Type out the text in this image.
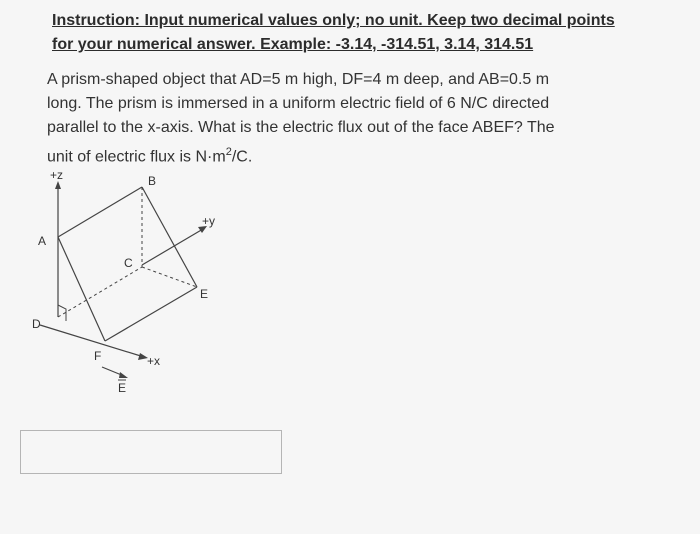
Instruction: Input numerical values only; no unit. Keep two decimal points
for your numerical answer. Example: -3.14, -314.51, 3.14, 314.51
A prism-shaped object that AD=5 m high, DF=4 m deep, and AB=0.5 m
long. The prism is immersed in a uniform electric field of 6 N/C directed
parallel to the x-axis. What is the electric flux out of the face ABEF? The
unit of electric flux is $N\cdot m^2/C$.
+z
+y
+x
E
A
B
C
D
E
F
